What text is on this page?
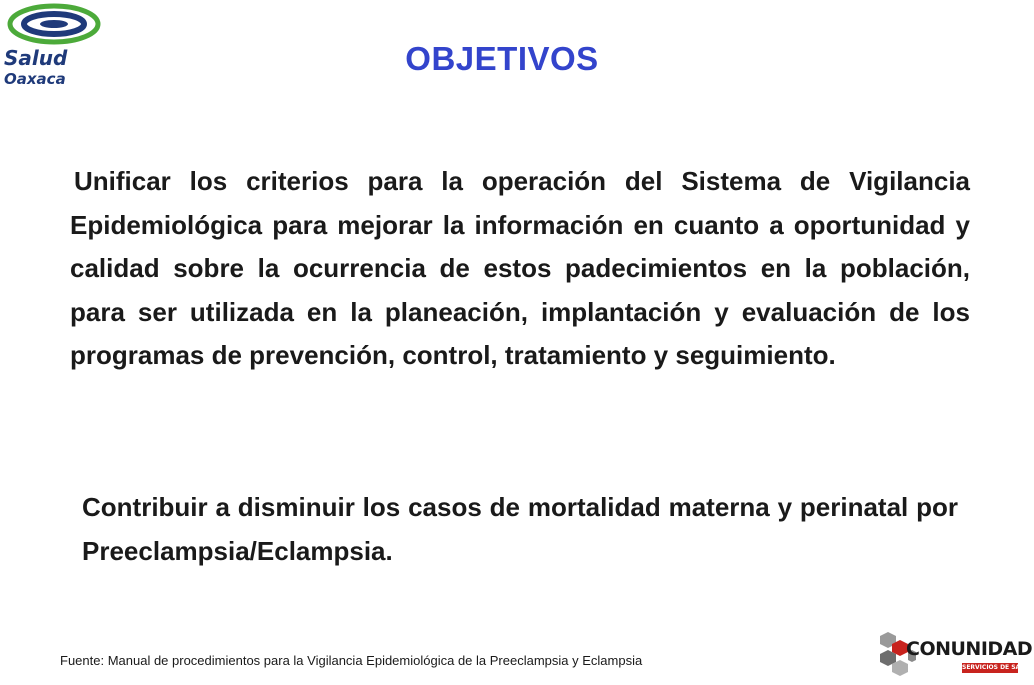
Salud
Oaxaca
OBJETIVOS
Unificar los criterios para la operación del Sistema de Vigilancia Epidemiológica para mejorar la información en cuanto a oportunidad y calidad sobre la ocurrencia de estos padecimientos en la población, para ser utilizada en la planeación, implantación y evaluación de los programas de prevención, control, tratamiento y seguimiento.
Contribuir a disminuir los casos de mortalidad materna y perinatal por Preeclampsia/Eclampsia.
Fuente: Manual de procedimientos para la Vigilancia Epidemiológica de la Preeclampsia y Eclampsia
CONUNIDAD
SERVICIOS DE SALUD
